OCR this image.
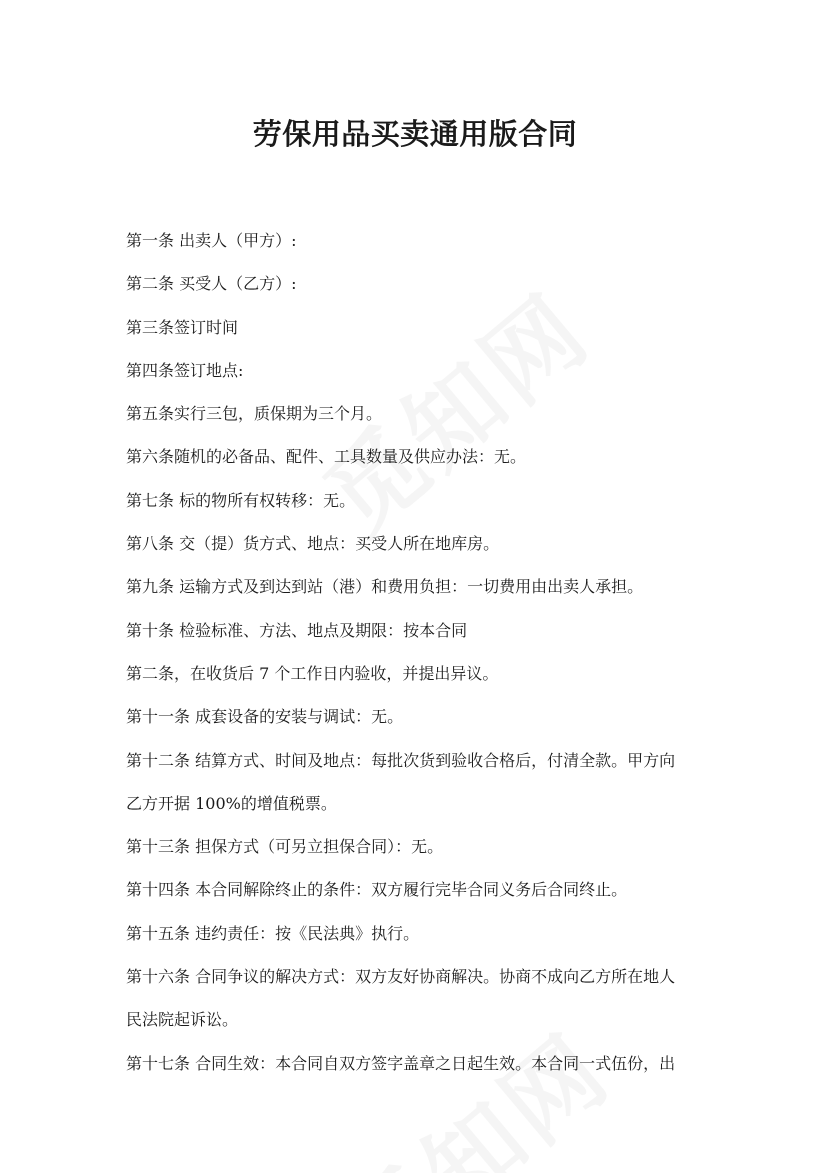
劳保用品买卖通用版合同

第一条 出卖人（甲方）:

第二条 买受人（乙方）:

第三条签订时间

第四条签订地点:

第五条实行三包，质保期为三个月。

第六条随机的必备品、配件、工具数量及供应办法：无。

第七条 标的物所有权转移：无。

第八条 交（提）货方式、地点：买受人所在地库房。

第九条 运输方式及到达到站（港）和费用负担：一切费用由出卖人承担。

第十条 检验标准、方法、地点及期限：按本合同

第二条，在收货后 7 个工作日内验收，并提出异议。

第十一条 成套设备的安装与调试：无。

第十二条 结算方式、时间及地点：每批次货到验收合格后，付清全款。甲方向

乙方开据 100%的增值税票。

第十三条 担保方式（可另立担保合同）：无。

第十四条 本合同解除终止的条件：双方履行完毕合同义务后合同终止。

第十五条 违约责任：按《民法典》执行。

第十六条 合同争议的解决方式：双方友好协商解决。协商不成向乙方所在地人

民法院起诉讼。

第十七条 合同生效：本合同自双方签字盖章之日起生效。本合同一式伍份，出
